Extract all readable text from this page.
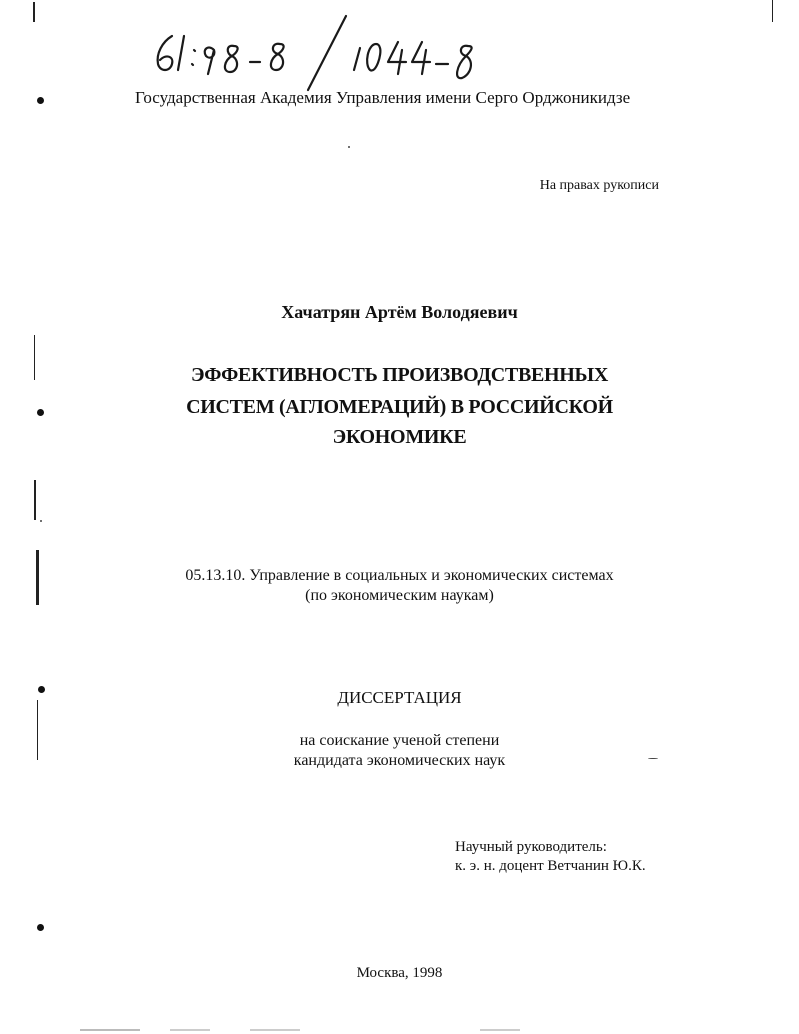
Государственная Академия Управления имени Серго Орджоникидзе
На правах рукописи
Хачатрян Артём Володяевич
ЭФФЕКТИВНОСТЬ ПРОИЗВОДСТВЕННЫХ
СИСТЕМ (АГЛОМЕРАЦИЙ) В РОССИЙСКОЙ
ЭКОНОМИКЕ
05.13.10. Управление в социальных и экономических системах
(по экономическим наукам)
ДИССЕРТАЦИЯ
на соискание ученой степени
кандидата экономических наук
Научный руководитель:
к. э. н. доцент Ветчанин Ю.К.
Москва, 1998
